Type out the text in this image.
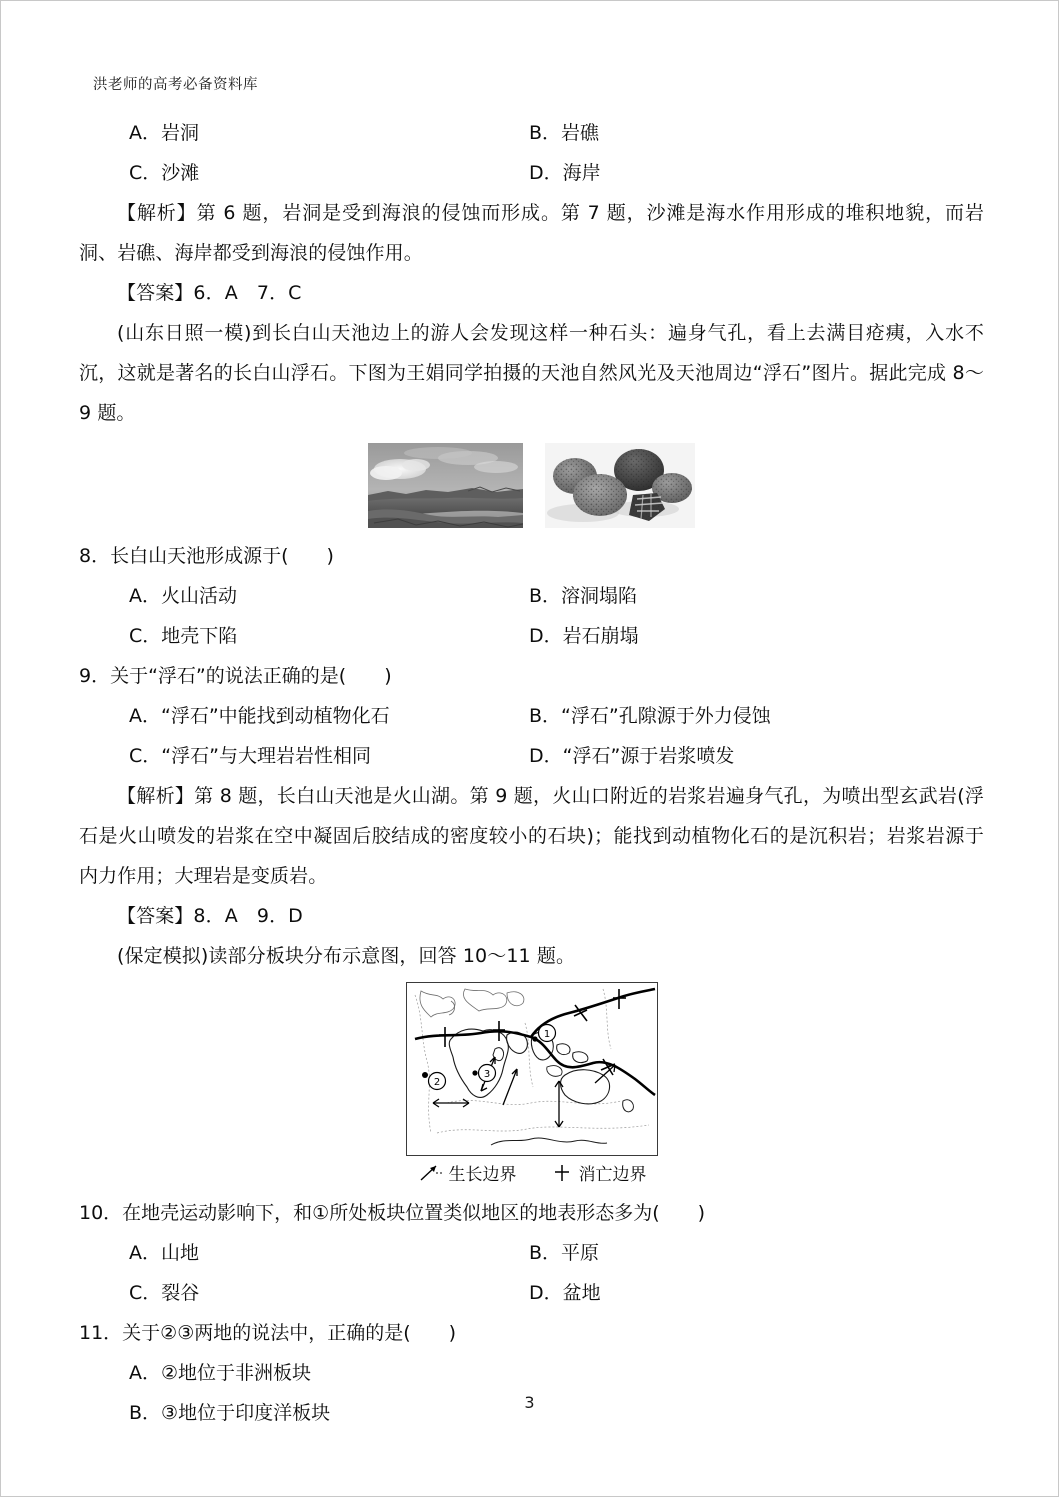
洪老师的高考必备资料库
A．岩洞	B．岩礁
C．沙滩	D．海岸
【解析】第 6 题，岩洞是受到海浪的侵蚀而形成。第 7 题，沙滩是海水作用形成的堆积地貌，而岩洞、岩礁、海岸都受到海浪的侵蚀作用。
【答案】6．A　7．C
(山东日照一模)到长白山天池边上的游人会发现这样一种石头：遍身气孔，看上去满目疮痍，入水不沉，这就是著名的长白山浮石。下图为王娟同学拍摄的天池自然风光及天池周边“浮石”图片。据此完成 8～9 题。
8．长白山天池形成源于(　　)
A．火山活动	B．溶洞塌陷
C．地壳下陷	D．岩石崩塌
9．关于“浮石”的说法正确的是(　　)
A．“浮石”中能找到动植物化石	B．“浮石”孔隙源于外力侵蚀
C．“浮石”与大理岩岩性相同	D．“浮石”源于岩浆喷发
【解析】第 8 题，长白山天池是火山湖。第 9 题，火山口附近的岩浆岩遍身气孔，为喷出型玄武岩(浮石是火山喷发的岩浆在空中凝固后胶结成的密度较小的石块)；能找到动植物化石的是沉积岩；岩浆岩源于内力作用；大理岩是变质岩。
【答案】8．A　9．D
(保定模拟)读部分板块分布示意图，回答 10～11 题。
1
2
3
生长边界	消亡边界
10．在地壳运动影响下，和①所处板块位置类似地区的地表形态多为(　　)
A．山地	B．平原
C．裂谷	D．盆地
11．关于②③两地的说法中，正确的是(　　)
A．②地位于非洲板块
B．③地位于印度洋板块	3
